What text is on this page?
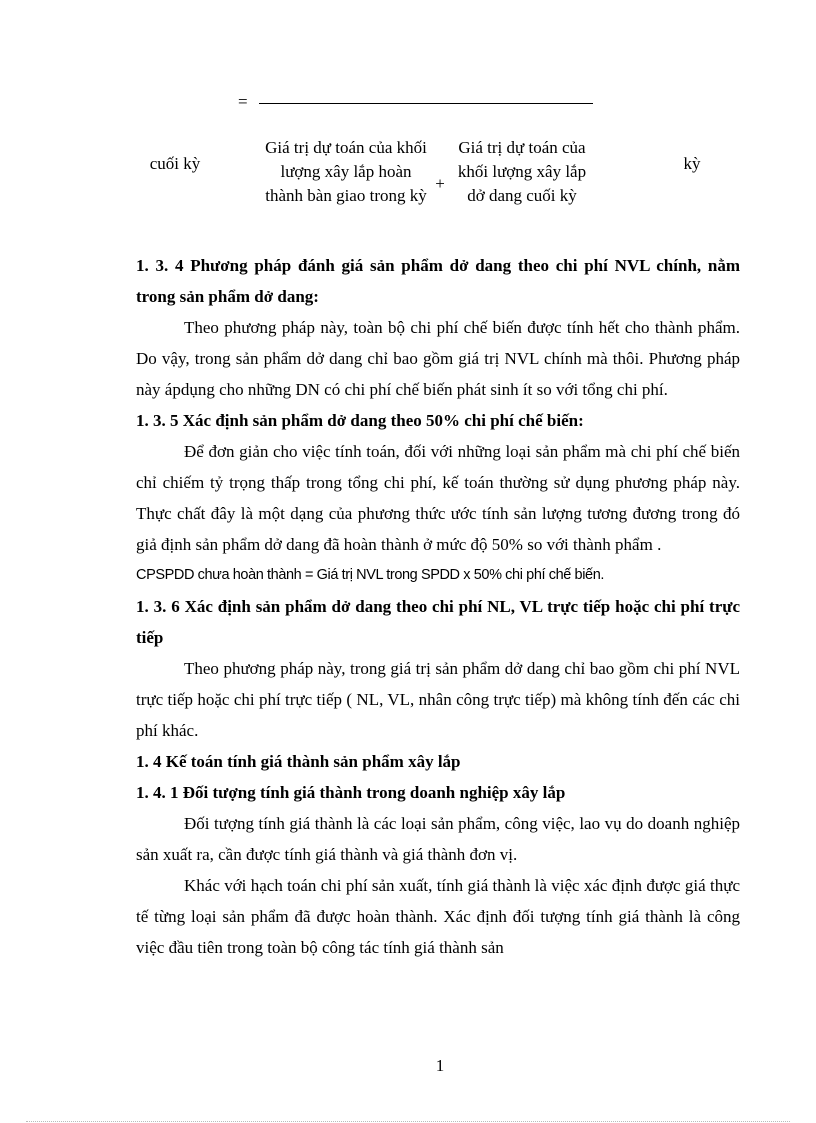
=
cuối kỳ
Giá trị dự toán của khối lượng xây lắp hoàn thành bàn giao trong kỳ
+
Giá trị dự toán của khối lượng xây lắp dở dang cuối kỳ
kỳ
1. 3. 4 Phương pháp đánh giá sản phẩm dở dang theo chi phí NVL chính, nằm trong sản phẩm dở dang:
Theo phương pháp này, toàn bộ chi phí chế biến được tính hết cho thành phẩm. Do vậy, trong sản phẩm dở dang chỉ bao gồm giá trị NVL chính mà thôi. Phương pháp này ápdụng cho những DN có chi phí chế biến phát sinh ít so với tổng chi phí.
1. 3. 5 Xác định sản phẩm dở dang theo 50% chi phí chế biến:
Để đơn giản cho việc tính toán, đối với những loại sản phẩm mà chi phí chế biến chỉ chiếm tỷ trọng thấp trong tổng chi phí, kế toán thường sử dụng phương pháp này. Thực chất đây là một dạng của phương thức ước tính sản lượng tương đương trong đó giả định sản phẩm dở dang đã hoàn thành ở mức độ 50% so với thành phẩm .
CPSPDD chưa hoàn thành = Giá trị NVL trong SPDD x 50% chi phí chế biến.
1. 3. 6 Xác định sản phẩm dở dang theo chi phí NL, VL trực tiếp hoặc chi phí trực tiếp
Theo phương pháp này, trong giá trị sản phẩm dở dang chỉ bao gồm chi phí NVL trực tiếp hoặc chi phí trực tiếp ( NL, VL, nhân công trực tiếp) mà không tính đến các chi phí khác.
1. 4 Kế toán tính giá thành sản phẩm xây lắp
1. 4. 1 Đối tượng tính giá thành trong doanh nghiệp xây lắp
Đối tượng tính giá thành là các loại sản phẩm, công việc, lao vụ do doanh nghiệp sản xuất ra, cần được tính giá thành và giá thành đơn vị.
Khác với hạch toán chi phí sản xuất, tính giá thành là việc xác định được giá thực tế từng loại sản phẩm đã được hoàn thành. Xác định đối tượng tính giá thành là công việc đầu tiên trong toàn bộ công tác tính giá thành sản
1
